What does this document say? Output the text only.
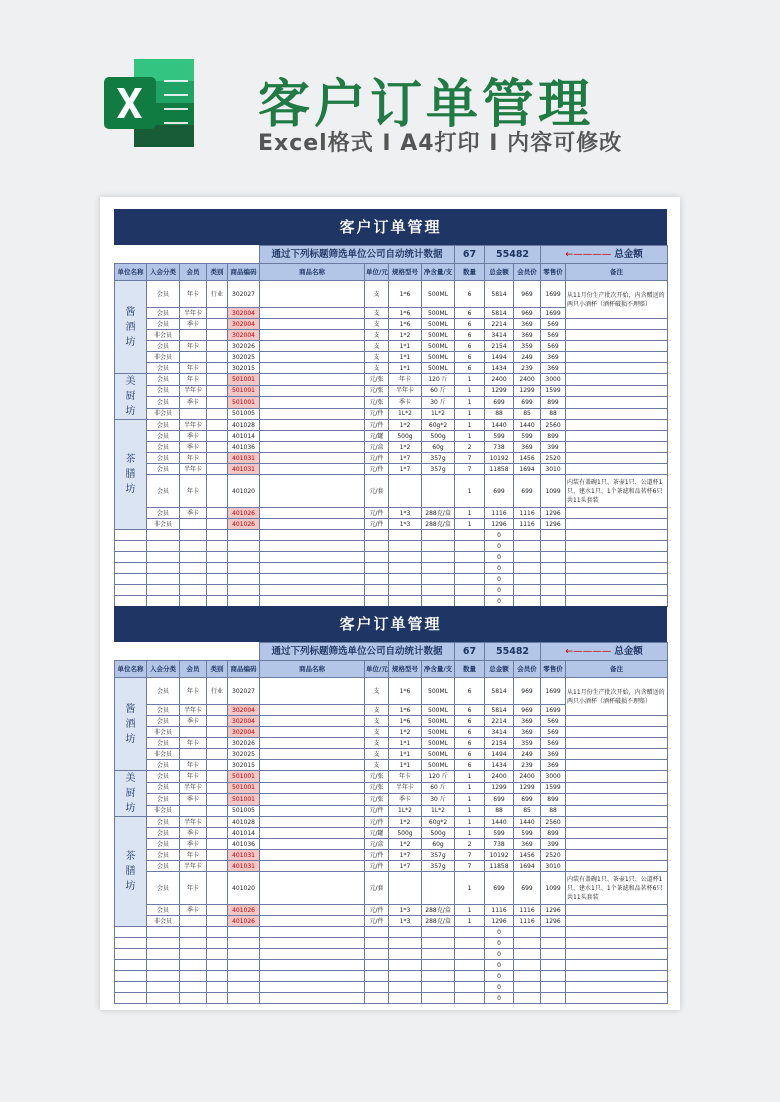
客户订单管理
Excel格式 I A4打印 I 内容可修改
客户订单管理
					通过下列标题筛选单位公司自动统计数据				67	55482		←———— 总金额	
单位名称	入会分类	会员	类别	商品编码	商品名称	单位/元	规格型号	净含量/支	数量	总金额	会员价	零售价	备注
酱
酒
坊	会员	年卡	行业	302027		支	1*6	500ML	6	5814	969	1699	从11月份生产批次开始，内含赠送的两只小酒杯（酒杯破损不理赔）
	会员	半年卡		302004		支	1*6	500ML	6	5814	969	1699	
	会员	季卡		302004		支	1*6	500ML	6	2214	369	569	
	非会员			302004		支	1*2	500ML	6	3414	369	569	
	会员	年卡		302026		支	1*1	500ML	6	2154	359	569	
	非会员			302025		支	1*1	500ML	6	1494	249	369	
	会员	年卡		302015		支	1*1	500ML	6	1434	239	369	
美
厨
坊	会员	年卡		501001		元/张	年卡	120 斤	1	2400	2400	3000	
	会员	半年卡		501001		元/张	半年卡	60 斤	1	1299	1299	1599	
	会员	季卡		501001		元/张	季卡	30 斤	1	699	699	899	
	非会员			501005		元/件	1L*2	1L*2	1	88	85	88	
茶
膳
坊	会员	半年卡		401028		元/件	1*2	60g*2	1	1440	1440	2560	
	会员	季卡		401014		元/罐	500g	500g	1	599	599	899	
	会员	季卡		401036		元/盒	1*2	60g	2	738	369	399	
	会员	年卡		401031		元/件	1*7	357g	7	10192	1456	2520	
	会员	半年卡		401031		元/件	1*7	357g	7	11858	1694	3010	
	会员	年卡		401020		元/套			1	699	699	1099	内装有盖碗1只、茶壶1只、公道杯1只、建水1只、1个茶滤和品茗杯6只共11头套装
	会员	季卡		401026		元/件	1*3	288克/盒	1	1116	1116	1296	
	非会员			401026		元/件	1*3	288克/盒	1	1296	1116	1296	
										0			
										0			
										0			
										0			
										0			
										0			
										0			
客户订单管理
					通过下列标题筛选单位公司自动统计数据				67	55482		←———— 总金额	
单位名称	入会分类	会员	类别	商品编码	商品名称	单位/元	规格型号	净含量/支	数量	总金额	会员价	零售价	备注
酱
酒
坊	会员	年卡	行业	302027		支	1*6	500ML	6	5814	969	1699	从11月份生产批次开始，内含赠送的两只小酒杯（酒杯破损不理赔）
	会员	半年卡		302004		支	1*6	500ML	6	5814	969	1699	
	会员	季卡		302004		支	1*6	500ML	6	2214	369	569	
	非会员			302004		支	1*2	500ML	6	3414	369	569	
	会员	年卡		302026		支	1*1	500ML	6	2154	359	569	
	非会员			302025		支	1*1	500ML	6	1494	249	369	
	会员	年卡		302015		支	1*1	500ML	6	1434	239	369	
美
厨
坊	会员	年卡		501001		元/张	年卡	120 斤	1	2400	2400	3000	
	会员	半年卡		501001		元/张	半年卡	60 斤	1	1299	1299	1599	
	会员	季卡		501001		元/张	季卡	30 斤	1	699	699	899	
	非会员			501005		元/件	1L*2	1L*2	1	88	85	88	
茶
膳
坊	会员	半年卡		401028		元/件	1*2	60g*2	1	1440	1440	2560	
	会员	季卡		401014		元/罐	500g	500g	1	599	599	899	
	会员	季卡		401036		元/盒	1*2	60g	2	738	369	399	
	会员	年卡		401031		元/件	1*7	357g	7	10192	1456	2520	
	会员	半年卡		401031		元/件	1*7	357g	7	11858	1694	3010	
	会员	年卡		401020		元/套			1	699	699	1099	内装有盖碗1只、茶壶1只、公道杯1只、建水1只、1个茶滤和品茗杯6只共11头套装
	会员	季卡		401026		元/件	1*3	288克/盒	1	1116	1116	1296	
	非会员			401026		元/件	1*3	288克/盒	1	1296	1116	1296	
										0			
										0			
										0			
										0			
										0			
										0			
										0			
